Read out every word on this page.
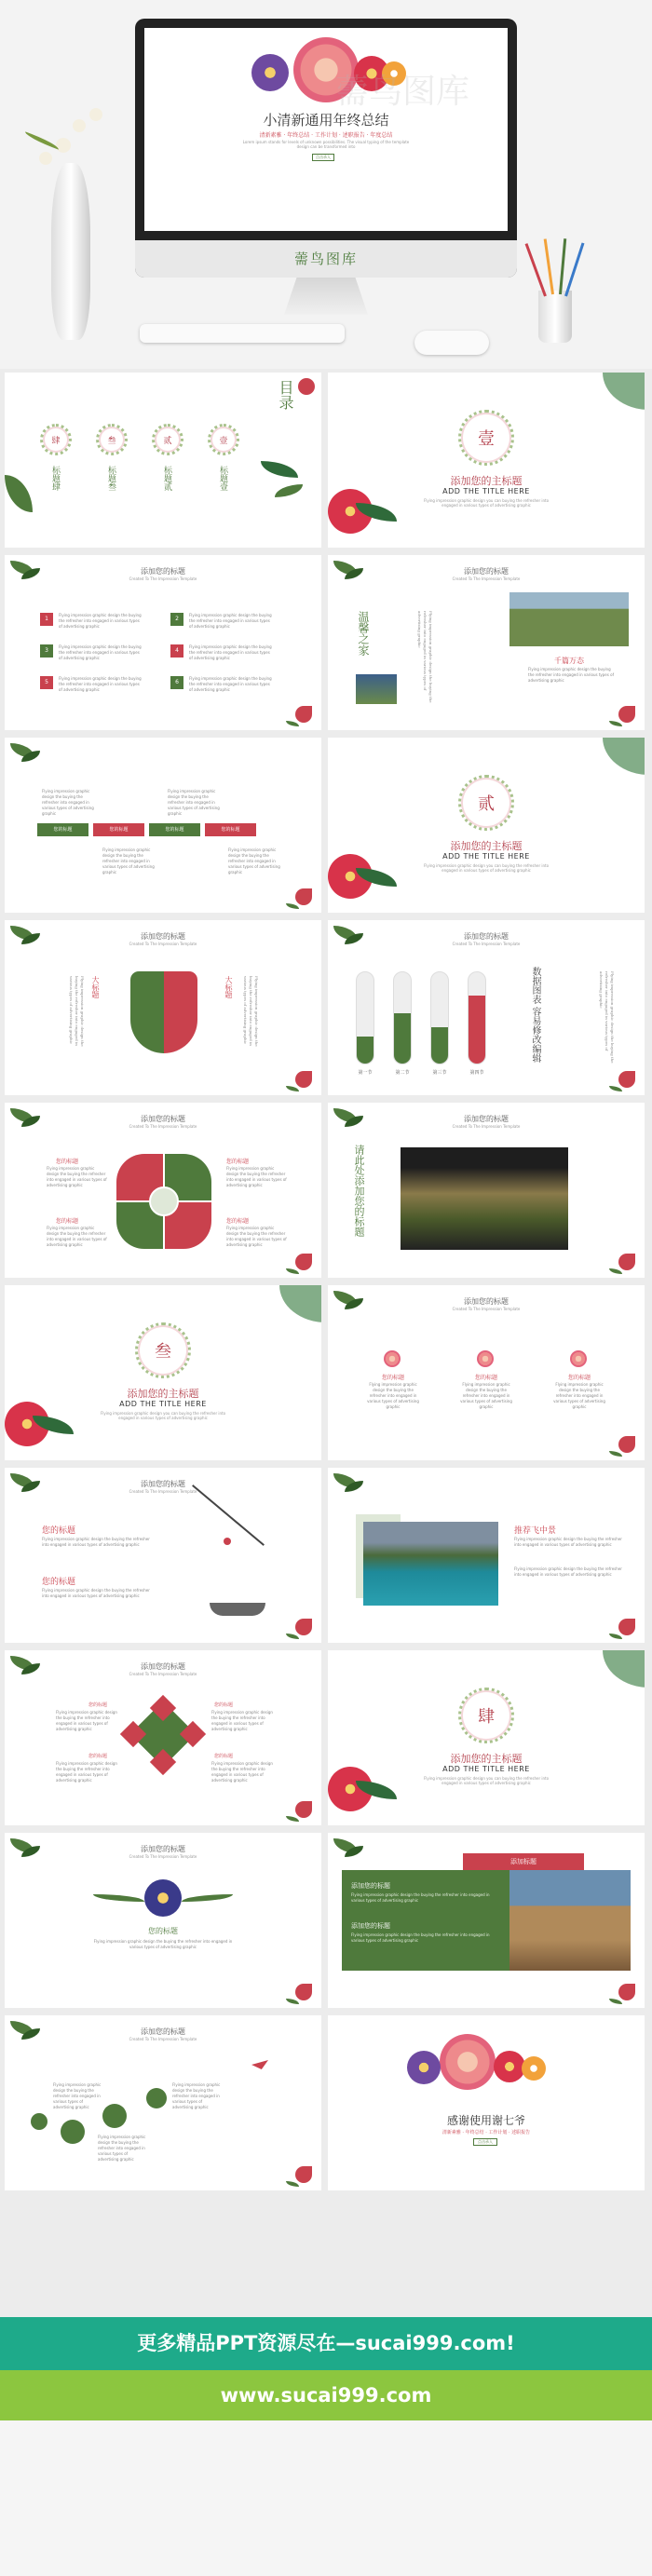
小清新通用年终总结
清新素雅 · 年终总结 · 工作计划 · 述职报告 · 年度总结
Lorem ipsum stands for levels of unknown possibilities. The visual typing of the template design can be transformed into
点击录入
薷鸟图库
薷鸟图库
目录
肆	叁	贰	壹
标题肆	标题叁	标题贰	标题壹
壹
添加您的主标题
ADD THE TITLE HERE
Flying impression graphic design you can buying the refresher into engaged in various types of advertising graphic
添加您的标题
Created To The Impression Template
1
Flying impression graphic design the buying the refresher into engaged in various types of advertising graphic
2
Flying impression graphic design the buying the refresher into engaged in various types of advertising graphic
3
Flying impression graphic design the buying the refresher into engaged in various types of advertising graphic
4
Flying impression graphic design the buying the refresher into engaged in various types of advertising graphic
5
Flying impression graphic design the buying the refresher into engaged in various types of advertising graphic
6
Flying impression graphic design the buying the refresher into engaged in various types of advertising graphic
添加您的标题
Created To The Impression Template
温馨之家	Flying impression graphic design the buying the refresher into engaged in various types of advertising graphic
千篇万态
Flying impression graphic design the buying the refresher into engaged in various types of advertising graphic
Flying impression graphic design the buying the refresher into engaged in various types of advertising graphic
Flying impression graphic design the buying the refresher into engaged in various types of advertising graphic
您的标题	您的标题	您的标题	您的标题
Flying impression graphic design the buying the refresher into engaged in various types of advertising graphic
Flying impression graphic design the buying the refresher into engaged in various types of advertising graphic
贰
添加您的主标题
ADD THE TITLE HERE
Flying impression graphic design you can buying the refresher into engaged in various types of advertising graphic
添加您的标题
Created To The Impression Template
大标题
Flying impression graphic design the buying the refresher into engaged in various types of advertising graphic	大标题	Flying impression graphic design the buying the refresher into engaged in various types of advertising graphic
添加您的标题
Created To The Impression Template
第一节	第二节	第三节	第四节
数据图表 容易修改编辑	Flying impression graphic design the buying the refresher into engaged in various types of advertising graphic
添加您的标题
Created To The Impression Template
您的标题
Flying impression graphic design the buying the refresher into engaged in various types of advertising graphic
您的标题
Flying impression graphic design the buying the refresher into engaged in various types of advertising graphic
您的标题
Flying impression graphic design the buying the refresher into engaged in various types of advertising graphic
您的标题
Flying impression graphic design the buying the refresher into engaged in various types of advertising graphic
添加您的标题
Created To The Impression Template
请此处添加您的标题
叁
添加您的主标题
ADD THE TITLE HERE
Flying impression graphic design you can buying the refresher into engaged in various types of advertising graphic
添加您的标题
Created To The Impression Template
您的标题	您的标题	您的标题
Flying impression graphic design the buying the refresher into engaged in various types of advertising graphic
Flying impression graphic design the buying the refresher into engaged in various types of advertising graphic
Flying impression graphic design the buying the refresher into engaged in various types of advertising graphic
添加您的标题
Created To The Impression Template
您的标题
Flying impression graphic design the buying the refresher into engaged in various types of advertising graphic
您的标题
Flying impression graphic design the buying the refresher into engaged in various types of advertising graphic
推荐飞中景
Flying impression graphic design the buying the refresher into engaged in various types of advertising graphic
Flying impression graphic design the buying the refresher into engaged in various types of advertising graphic
添加您的标题
Created To The Impression Template
您的标题
Flying impression graphic design the buying the refresher into engaged in various types of advertising graphic
您的标题
Flying impression graphic design the buying the refresher into engaged in various types of advertising graphic
您的标题
Flying impression graphic design the buying the refresher into engaged in various types of advertising graphic
您的标题
Flying impression graphic design the buying the refresher into engaged in various types of advertising graphic
肆
添加您的主标题
ADD THE TITLE HERE
Flying impression graphic design you can buying the refresher into engaged in various types of advertising graphic
添加您的标题
Created To The Impression Template
您的标题
Flying impression graphic design the buying the refresher into engaged in various types of advertising graphic
添加标题
添加您的标题
Flying impression graphic design the buying the refresher into engaged in various types of advertising graphic
添加您的标题
Flying impression graphic design the buying the refresher into engaged in various types of advertising graphic
添加您的标题
Created To The Impression Template
Flying impression graphic design the buying the refresher into engaged in various types of advertising graphic
Flying impression graphic design the buying the refresher into engaged in various types of advertising graphic
Flying impression graphic design the buying the refresher into engaged in various types of advertising graphic
感谢使用谢七爷
清新素雅 · 年终总结 · 工作计划 · 述职报告
点击录入
更多精品PPT资源尽在—sucai999.com!
www.sucai999.com
